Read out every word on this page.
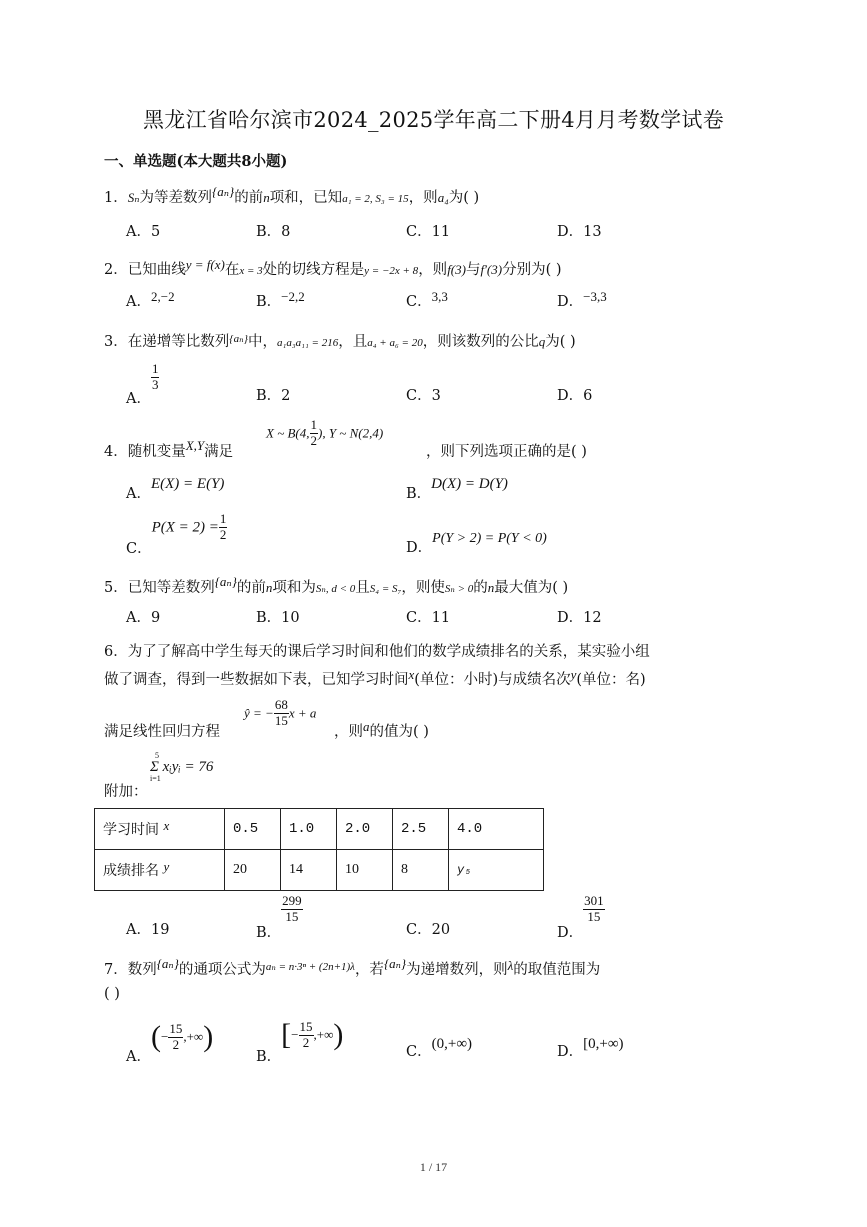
黑龙江省哈尔滨市2024_2025学年高二下册4月月考数学试卷
一、单选题(本大题共8小题)
1．Sₙ为等差数列{aₙ}的前n项和，已知a₁ = 2, S₃ = 15，则a₄为( )
A．5	B．8	C．11	D．13
2．已知曲线y = f(x)在x = 3处的切线方程是y = −2x + 8，则f(3)与f′(3)分别为( )
A．2,−2	B．−2,2	C．3,3	D．−3,3
3．在递增等比数列$^{\{a_n\}}$中，a₁a₃a₁₁ = 216，且a₄ + a₆ = 20，则该数列的公比q为( )
A．
$\frac{1}{3}$
B．2	C．3	D．6
4．随机变量X,Y满足
X ~ B(4, $\frac{1}{2}$ ), Y ~ N(2,4)
，则下列选项正确的是( )
A．E(X) = E(Y)
B．D(X) = D(Y)
C．$P(X = 2) = \frac{1}{2}$
D．P(Y > 2) = P(Y < 0)
5．已知等差数列{aₙ}的前n项和为Sₙ, d < 0且S₄ = S₇，则使Sₙ > 0的n最大值为( )
A．9	B．10	C．11	D．12
6．为了了解高中学生每天的课后学习时间和他们的数学成绩排名的关系，某实验小组
做了调查，得到一些数据如下表，已知学习时间x(单位：小时)与成绩名次y(单位：名)
满足线性回归方程
ŷ = − $\frac{68}{15}$ x + a
，则a的值为( )
附加：
5
Σ xᵢyᵢ = 76
i=1
学习时间 x	0.5	1.0	2.0	2.5	4.0
成绩排名 y	20	14	10	8	y₅
A．19	B．
$\frac{299}{15}$
C．20	D．
$\frac{301}{15}$
7．数列{aₙ}的通项公式为$^{a_n = n\cdot 3^n + (2n+1)\lambda}$，若{aₙ}为递增数列，则λ的取值范围为
( )
A．(− $\frac{15}{2}$ ,+∞)
B．[− $\frac{15}{2}$ ,+∞)
C．(0,+∞)	D．[0,+∞)
1 / 17
